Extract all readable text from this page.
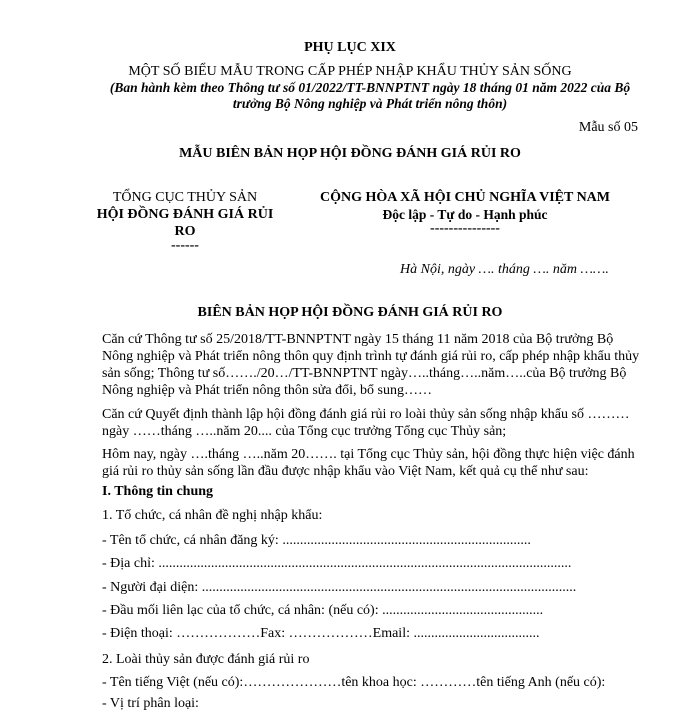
PHỤ LỤC XIX
MỘT SỐ BIỂU MẪU TRONG CẤP PHÉP NHẬP KHẨU THỦY SẢN SỐNG
(Ban hành kèm theo Thông tư số 01/2022/TT-BNNPTNT ngày 18 tháng 01 năm 2022 của Bộ trưởng Bộ Nông nghiệp và Phát triển nông thôn)
Mẫu số 05
MẪU BIÊN BẢN HỌP HỘI ĐỒNG ĐÁNH GIÁ RỦI RO
TỔNG CỤC THỦY SẢN
HỘI ĐỒNG ĐÁNH GIÁ RỦI RO
------
CỘNG HÒA XÃ HỘI CHỦ NGHĨA VIỆT NAM
Độc lập - Tự do - Hạnh phúc
---------------
Hà Nội, ngày …. tháng …. năm …….
BIÊN BẢN HỌP HỘI ĐỒNG ĐÁNH GIÁ RỦI RO
Căn cứ Thông tư số 25/2018/TT-BNNPTNT ngày 15 tháng 11 năm 2018 của Bộ trưởng Bộ Nông nghiệp và Phát triển nông thôn quy định trình tự đánh giá rủi ro, cấp phép nhập khẩu thủy sản sống; Thông tư số……./20…/TT-BNNPTNT ngày…..tháng…..năm…..của Bộ trưởng Bộ Nông nghiệp và Phát triển nông thôn sửa đổi, bổ sung……
Căn cứ Quyết định thành lập hội đồng đánh giá rủi ro loài thủy sản sống nhập khẩu số ………ngày ……tháng …..năm 20.... của Tổng cục trưởng Tổng cục Thủy sản;
Hôm nay, ngày ….tháng …..năm 20……. tại Tổng cục Thủy sản, hội đồng thực hiện việc đánh giá rủi ro thủy sản sống lần đầu được nhập khẩu vào Việt Nam, kết quả cụ thể như sau:
I. Thông tin chung
1. Tổ chức, cá nhân đề nghị nhập khẩu:
- Tên tổ chức, cá nhân đăng ký: .......................................................................
- Địa chỉ: ......................................................................................................................
- Người đại diện: ...........................................................................................................
- Đầu mối liên lạc của tổ chức, cá nhân: (nếu có): ..............................................
- Điện thoại: ………………Fax: ………………Email: ....................................
2. Loài thủy sản được đánh giá rủi ro
- Tên tiếng Việt (nếu có):…………………tên khoa học: …………tên tiếng Anh (nếu có):
- Vị trí phân loại:
